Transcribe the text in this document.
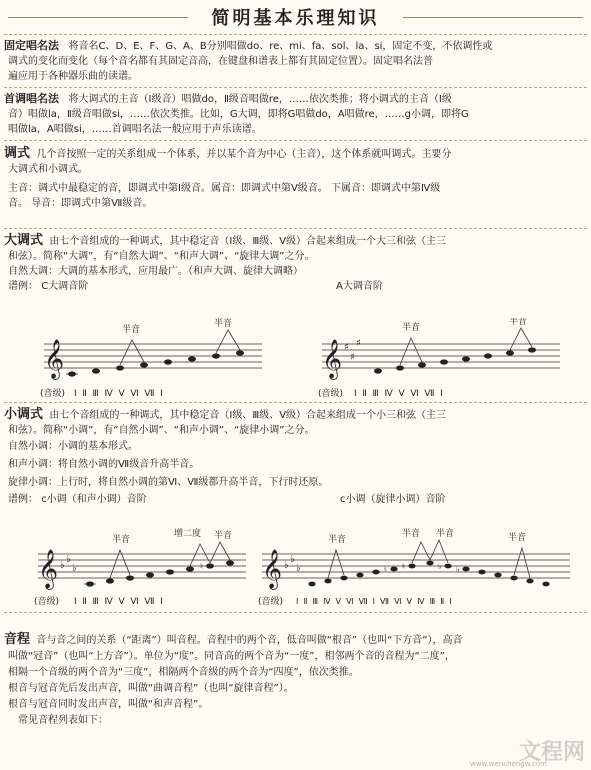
简明基本乐理知识
固定唱名法 将音名C、D、E、F、G、A、B分别唱做do、re、mi、fa、sol、la、si，固定不变，不依调性或
调式的变化而变化（每个音名都有其固定音高，在键盘和谱表上都有其固定位置）。固定唱名法普
遍应用于各种器乐曲的读谱。
首调唱名法 将大调式的主音（Ⅰ级音）唱做do，Ⅱ级音唱做re，……依次类推；将小调式的主音（Ⅰ级
音）唱做la，Ⅱ级音唱做si，……依次类推。比如，G大调，即将G唱做do，A唱做re，……g小调，即将G
唱做la，A唱做si，……首调唱名法一般应用于声乐读谱。
调式 几个音按照一定的关系组成一个体系，并以某个音为中心（主音），这个体系就叫调式。主要分
大调式和小调式。
主音：调式中最稳定的音，即调式中第Ⅰ级音。属音：即调式中第Ⅴ级音。 下属音：即调式中第Ⅳ级
音。 导音：即调式中第Ⅶ级音。
大调式 由七个音组成的一种调式，其中稳定音（Ⅰ级、Ⅲ级、Ⅴ级）合起来组成一个大三和弦（主三
和弦）。简称“大调”，有“自然大调”、“和声大调”、“旋律大调”之分。
自然大调：大调的基本形式，应用最广。（和声大调、旋律大调略）
谱例： C大调音阶	A大调音阶
𝄞
半音
半音
(音级) Ⅰ  Ⅱ  Ⅲ  Ⅳ  Ⅴ  Ⅵ  Ⅶ  Ⅰ
𝄞 ♯
♯
♯
半音
半音
(音级) Ⅰ  Ⅱ  Ⅲ  Ⅳ  Ⅴ  Ⅵ  Ⅶ  Ⅰ
小调式 由七个音组成的一种调式，其中稳定音（Ⅰ级、Ⅲ级、Ⅴ级）合起来组成一个小三和弦（主三
和弦）。简称“小调”，有“自然小调”、“和声小调”、“旋律小调”之分。
自然小调：小调的基本形式。
和声小调：将自然小调的Ⅶ级音升高半音。
旋律小调：上行时，将自然小调的第Ⅵ、Ⅶ级都升高半音，下行时还原。
谱例： c小调（和声小调）音阶	c小调（旋律小调）音阶
𝄞 ♭
♭
♭	♮
半音
增二度 半音
(音级) Ⅰ  Ⅱ  Ⅲ  Ⅳ  Ⅴ  Ⅵ  Ⅶ  Ⅰ
𝄞 ♭
♭
♭	♮ ♮	♭ ♭
半音
半音 半音	半音
(音级) Ⅰ  Ⅱ  Ⅲ  Ⅳ  Ⅴ  Ⅵ  Ⅶ  Ⅰ  Ⅶ  Ⅵ  Ⅴ  Ⅳ  Ⅲ  Ⅱ  Ⅰ
音程 音与音之间的关系（“距离”）叫音程。音程中的两个音，低音叫做“根音”（也叫“下方音”），高音
叫做“冠音”（也叫“上方音”）。单位为“度”。同音高的两个音为“一度”，相邻两个音的音程为“二度”，
相隔一个音级的两个音为“三度”，相隔两个音级的两个音为“四度”，依次类推。
根音与冠音先后发出声音，叫做“曲调音程”（也叫“旋律音程”）。
根音与冠音同时发出声音，叫做“和声音程”。
常见音程列表如下：
文程网
www.wenchengw.com
